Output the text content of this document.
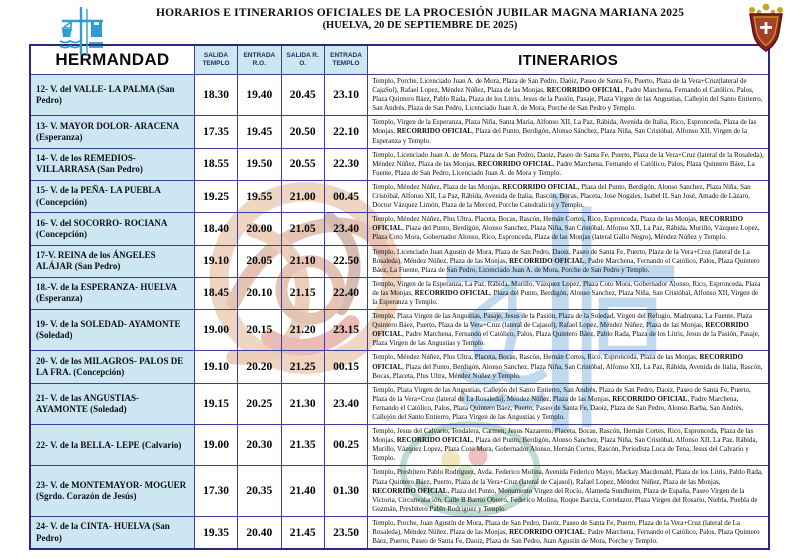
HORARIOS E ITINERARIOS OFICIALES DE LA PROCESIÓN JUBILAR MAGNA MARIANA 2025
(HUELVA, 20 DE SEPTIEMBRE DE 2025)
HERMANDAD	SALIDA TEMPLO	ENTRADA R.O.	SALIDA R. O.	ENTRADA TEMPLO	ITINERARIOS
12- V. del VALLE- LA PALMA (San Pedro)	18.30	19.40	20.45	23.10	Templo, Porche, Licenciado Juan A. de Mora, Plaza de San Pedro, Daóiz, Paseo de Santa Fe, Puerto, Plaza de la Vera+Cruz(lateral de CajaSol), Rafael Lopez, Méndez Núñez, Plaza de las Monjas, RECORRIDO OFICIAL, Padre Marchena, Fernando el Católico, Palos, Plaza Quintero Báez, Pablo Rada, Plaza de los Litris, Jesus de la Pasión, Pasaje, Plaza Virgen de las Angustias, Callejón del Santo Entierro, San Andrés, Plaza de San Pedro, Licenciado Juan A. de Mora, Porche de San Pedro y Templo.
13- V. MAYOR DOLOR- ARACENA (Esperanza)	17.35	19.45	20.50	22.10	Templo, Virgen de la Esperanza, Plaza Niña, Santa Maria, Alfonso XII, La Paz, Rábida, Avenida de Italia, Rico, Espronceda, Plaza de las Monjas, RECORRIDO OFICIAL, Plaza del Punto, Berdigón, Alonso Sánchez, Plaza Niña, San Cristóbal, Alfonso XII, Virgen de la Esperanza y Templo.
14- V. de los REMEDIOS- VILLARRASA (San Pedro)	18.55	19.50	20.55	22.30	Templo, Licenciado Juan A. de Mora, Plaza de San Pedro, Daoiz, Paseo de Santa Fe, Puerto, Plaza de la Vera+Cruz (lateral de la Rosaleda), Méndez Núñez, Plaza de las Monjas, RECORRIDO OFICIAL, Padre Marchena, Fernando el Católico, Palos, Plaza Quintero Báez, La Fuente, Plaza de San Pedro, Licenciado Juan A. de Mora y Templo.
15- V. de la PEÑA- LA PUEBLA (Concepción)	19.25	19.55	21.00	00.45	Templo, Méndez Núñez, Plaza de las Monjas, RECORRIDO OFICIAL, Plaza del Punto, Berdigón, Alonso Sanchez, Plaza Niña, San Cristóbal, Alfonso XII, La Paz, Rábida, Avenida de Italia, Rascón, Bocas, Placeta, Jose Nogales, Isabel II, San José, Amado de Lázaro, Doctor Vázquez Limón, Plaza de la Merced, Porche Catedralicio y Templo.
16- V. del SOCORRO- ROCIANA (Concepción)	18.40	20.00	21.05	23.40	Templo, Méndez Núñez, Plus Ultra, Placeta, Bocas, Rascón, Hernán Cortes, Rico, Espronceda, Plaza de las Monjas, RECORRIDO OFICIAL, Plaza del Punto, Berdigón, Alonso Sanchez, Plaza Niña, San Cristóbal, Alfonso XII, La Paz, Rábida, Murillo, Vázquez Lopez, Plaza Coto Mora, Gobernador Alonso, Rico, Espronceda, Plaza de las Monjas (lateral Gallo Negro), Méndez Núñez y Templo.
17-V. REINA de los ÁNGELES ALÁJAR (San Pedro)	19.10	20.05	21.10	22.50	Templo, Licenciado Juan Agustín de Mora, Plaza de San Pedro, Daoiz, Paseo de Santa Fe, Puerto, Plaza de la Vera+Cruz (lateral de La Rosaleda), Méndez Núñez, Plaza de las Monjas, RECORRIDO OFICIAL, Padre Marchena, Fernando el Católico, Palos, Plaza Quintero Báez, La Fuente, Plaza de San Pedro, Licenciado Juan A. de Mora, Porche de San Pedro y Templo.
18.-V. de la ESPERANZA- HUELVA (Esperanza)	18.45	20.10	21.15	22.40	Templo, Virgen de la Esperanza, La Paz, Rábida, Murillo, Vázquez Lopez, Plaza Coto Mora, Gobernador Alonso, Rico, Espronceda, Plaza de las Monjas, RECORRIDO OFICIAL, Plaza del Punto, Berdigón, Alonso Sanchez, Plaza Niña, San Cristóbal, Alfonso XII, Virgen de la Esperanza y Templo.
19- V. de la SOLEDAD- AYAMONTE (Soledad)	19.00	20.15	21.20	23.15	Templo, Plaza Virgen de las Angustias, Pasaje, Jesus de la Pasión, Plaza de la Soledad, Virgen del Refugio, Madreana, La Fuente, Plaza Quintero Báez, Puerto, Plaza de la Vera+Cruz (lateral de Cajasol), Rafael Lopez, Méndez Núñez, Plaza de las Monjas, RECORRIDO OFICIAL, Padre Marchena, Fernando el Católico, Palos, Plaza Quintero Báez, Pablo Rada, Plaza de los Litris, Jesus de la Pasión, Pasaje, Plaza Virgen de las Angustias y Templo.
20- V. de los MILAGROS- PALOS DE LA FRA. (Concepción)	19.10	20.20	21.25	00.15	Templo, Méndez Núñez, Plus Ultra, Placeta, Bocas, Rascón, Hernán Cortes, Rico, Espronceda, Plaza de las Monjas, RECORRIDO OFICIAL, Plaza del Punto, Berdigón, Alonso Sanchez, Plaza Niña, San Cristóbal, Alfonso XII, La Paz, Rábida, Avenida de Italia, Rascón, Bocas, Placeta, Plus Ultra, Méndez Núñez y Templo.
21- V. de las ANGUSTIAS- AYAMONTE (Soledad)	19.15	20.25	21.30	23.40	Templo, Plaza Virgen de las Angustias, Callejón del Santo Entierro, San Andrés, Plaza de San Pedro, Daoiz, Paseo de Santa Fe, Puerto, Plaza de la Vera+Cruz (lateral de La Rosaleda), Méndez Núñez, Plaza de las Monjas, RECORRIDO OFICIAL, Padre Marchena, Fernando el Católico, Palos, Plaza Quintero Báez, Puerto, Paseo de Santa Fe, Daoiz, Plaza de San Pedro, Alonso Barba, San Andrés, Callejón del Santo Entierro, Plaza Virgen de las Angustias y Templo.
22- V. de la BELLA- LEPE (Calvario)	19.00	20.30	21.35	00.25	Templo, Jesus del Calvario, Tendalera, Carmen, Jesus Nazareno, Placeta, Bocas, Rascón, Hernán Cortes, Rico, Espronceda, Plaza de las Monjas, RECORRIDO OFICIAL, Plaza del Punto, Berdigón, Alonso Sanchez, Plaza Niña, San Cristóbal, Alfonso XII, La Paz, Rábida, Murillo, Vázquez Lopez, Plaza Coto Mora, Gobernador Alonso, Hernán Cortes, Rascón, Periodista Luca de Tena, Jesus del Calvario y Templo.
23- V. de MONTEMAYOR- MOGUER (Sgrdo. Corazón de Jesús)	17.30	20.35	21.40	01.30	Templo, Presbítero Pablo Rodríguez, Avda. Federico Molina, Avenida Federico Mayo, Mackay Macdonald, Plaza de los Litris, Pablo Rada, Plaza Quintero Báez, Puerto, Plaza de la Vera+Cruz (lateral de Cajasol), Rafael Lopez, Méndez Núñez, Plaza de las Monjas, RECORRIDO OFICIAL, Plaza del Punto, Monumento Virgen del Rocío, Alameda Sundheim, Plaza de España, Paseo Virgen de la Victoria, Circunvalación, Calle B Barrio Obrero, Federico Molina, Roque Barcia, Cortelazor, Plaza Virgen del Rosario, Niebla, Puebla de Guzmán, Presbítero Pablo Rodríguez y Templo.
24- V. de la CINTA- HUELVA (San Pedro)	19.35	20.40	21.45	23.50	Templo, Porche, Juan Agustín de Mora, Plaza de San Pedro, Daoiz, Paseo de Santa Fe, Puerto, Plaza de la Vera+Cruz (lateral de La Rosaleda), Méndez Núñez, Plaza de las Monjas, RECORRIDO OFICIAL, Padre Marchena, Fernando el Católico, Palos, Plaza Quintero Báez, Puerto, Paseo de Santa Fe, Daoiz, Plaza de San Pedro, Juan Agustín de Mora, Porche y Templo.
